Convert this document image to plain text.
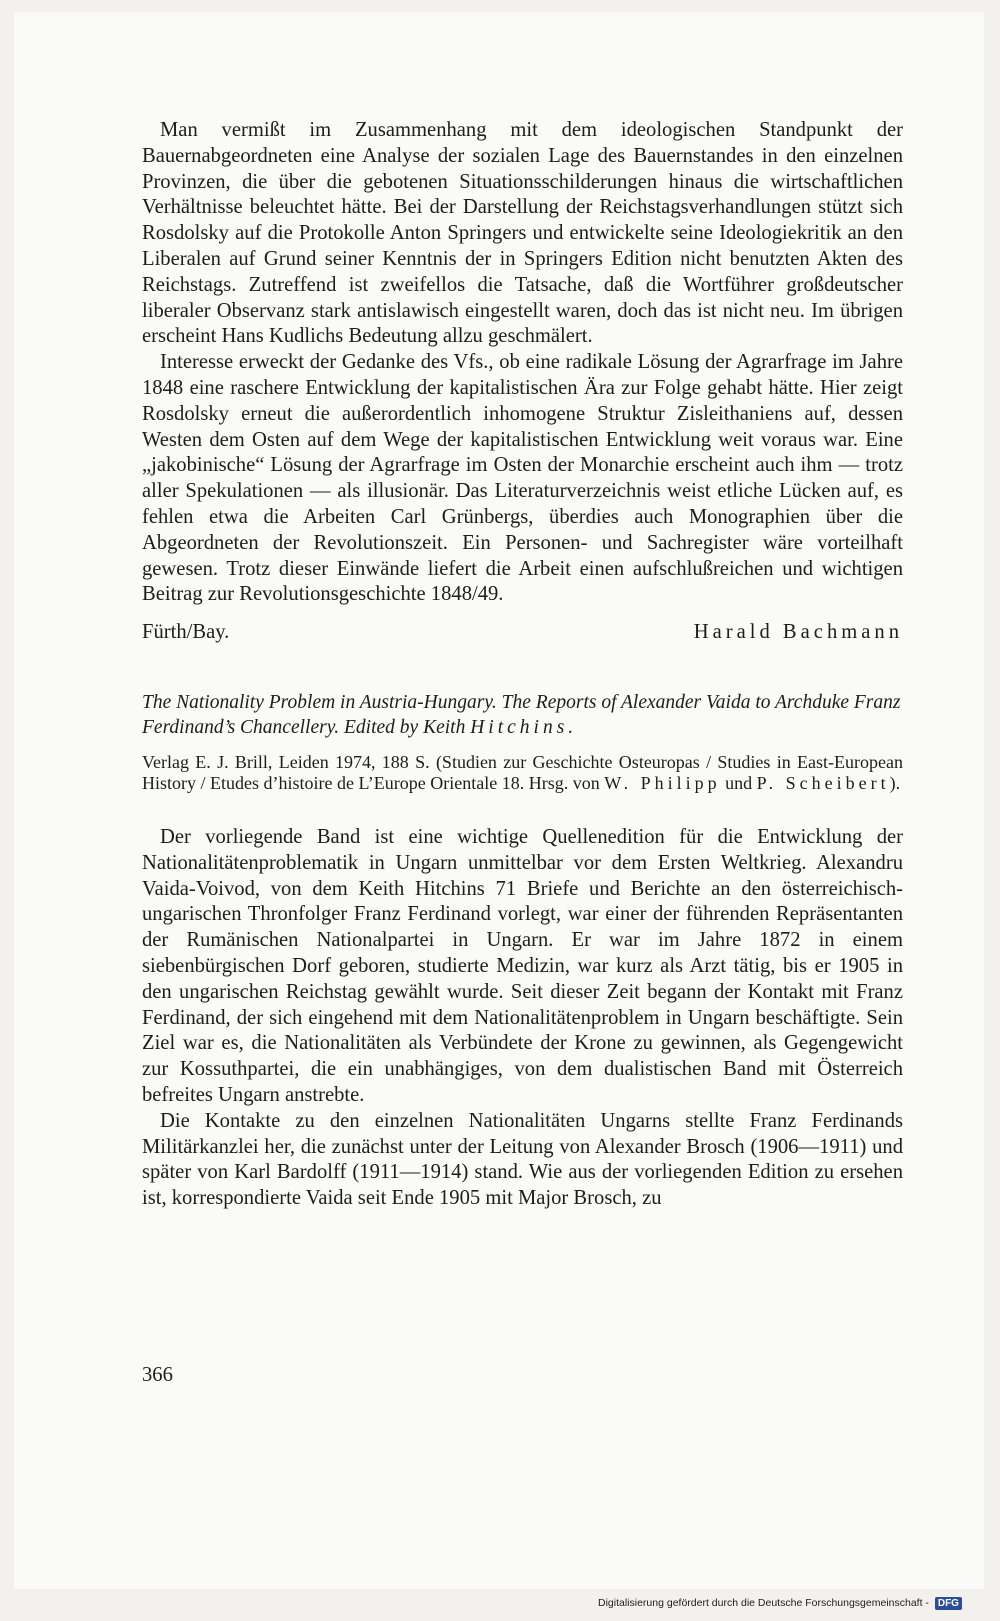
Man vermißt im Zusammenhang mit dem ideologischen Standpunkt der Bauernabgeordneten eine Analyse der sozialen Lage des Bauernstandes in den einzelnen Provinzen, die über die gebotenen Situationsschilderungen hinaus die wirtschaftlichen Verhältnisse beleuchtet hätte. Bei der Darstellung der Reichstagsverhandlungen stützt sich Rosdolsky auf die Protokolle Anton Springers und entwickelte seine Ideologiekritik an den Liberalen auf Grund seiner Kenntnis der in Springers Edition nicht benutzten Akten des Reichstags. Zutreffend ist zweifellos die Tatsache, daß die Wortführer großdeutscher liberaler Observanz stark antislawisch eingestellt waren, doch das ist nicht neu. Im übrigen erscheint Hans Kudlichs Bedeutung allzu geschmälert.

Interesse erweckt der Gedanke des Vfs., ob eine radikale Lösung der Agrarfrage im Jahre 1848 eine raschere Entwicklung der kapitalistischen Ära zur Folge gehabt hätte. Hier zeigt Rosdolsky erneut die außerordentlich inhomogene Struktur Zisleithaniens auf, dessen Westen dem Osten auf dem Wege der kapitalistischen Entwicklung weit voraus war. Eine „jakobinische“ Lösung der Agrarfrage im Osten der Monarchie erscheint auch ihm — trotz aller Spekulationen — als illusionär. Das Literaturverzeichnis weist etliche Lücken auf, es fehlen etwa die Arbeiten Carl Grünbergs, überdies auch Monographien über die Abgeordneten der Revolutionszeit. Ein Personen- und Sachregister wäre vorteilhaft gewesen. Trotz dieser Einwände liefert die Arbeit einen aufschlußreichen und wichtigen Beitrag zur Revolutionsgeschichte 1848/49.

Fürth/Bay.	Harald Bachmann

The Nationality Problem in Austria-Hungary. The Reports of Alexander Vaida to Archduke Franz Ferdinand’s Chancellery. Edited by Keith Hitchins.

Verlag E. J. Brill, Leiden 1974, 188 S. (Studien zur Geschichte Osteuropas / Studies in East-European History / Etudes d’histoire de L’Europe Orientale 18. Hrsg. von W. Philipp und P. Scheibert).

Der vorliegende Band ist eine wichtige Quellenedition für die Entwicklung der Nationalitätenproblematik in Ungarn unmittelbar vor dem Ersten Weltkrieg. Alexandru Vaida-Voivod, von dem Keith Hitchins 71 Briefe und Berichte an den österreichisch-ungarischen Thronfolger Franz Ferdinand vorlegt, war einer der führenden Repräsentanten der Rumänischen Nationalpartei in Ungarn. Er war im Jahre 1872 in einem siebenbürgischen Dorf geboren, studierte Medizin, war kurz als Arzt tätig, bis er 1905 in den ungarischen Reichstag gewählt wurde. Seit dieser Zeit begann der Kontakt mit Franz Ferdinand, der sich eingehend mit dem Nationalitätenproblem in Ungarn beschäftigte. Sein Ziel war es, die Nationalitäten als Verbündete der Krone zu gewinnen, als Gegengewicht zur Kossuthpartei, die ein unabhängiges, von dem dualistischen Band mit Österreich befreites Ungarn anstrebte.

Die Kontakte zu den einzelnen Nationalitäten Ungarns stellte Franz Ferdinands Militärkanzlei her, die zunächst unter der Leitung von Alexander Brosch (1906—1911) und später von Karl Bardolff (1911—1914) stand. Wie aus der vorliegenden Edition zu ersehen ist, korrespondierte Vaida seit Ende 1905 mit Major Brosch, zu

366
Digitalisierung gefördert durch die Deutsche Forschungsgemeinschaft - DFG
